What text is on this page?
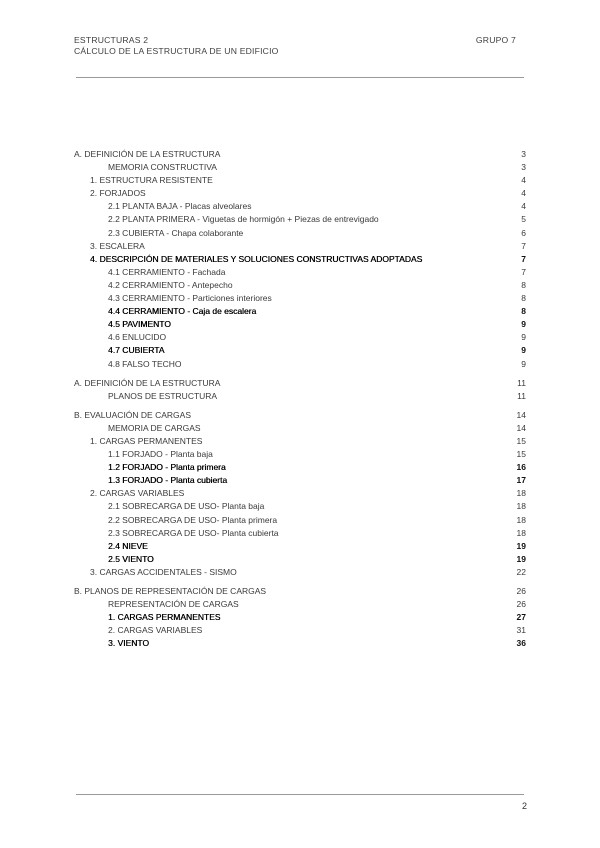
ESTRUCTURAS 2
CÁLCULO DE LA ESTRUCTURA DE UN EDIFICIO
GRUPO 7
A. DEFINICIÓN DE LA ESTRUCTURA	3
MEMORIA CONSTRUCTIVA	3
1. ESTRUCTURA RESISTENTE	4
2. FORJADOS	4
2.1 PLANTA BAJA - Placas alveolares	4
2.2 PLANTA PRIMERA - Viguetas de hormigón + Piezas de entrevigado	5
2.3 CUBIERTA - Chapa colaborante	6
3. ESCALERA	7
4. DESCRIPCIÓN DE MATERIALES Y SOLUCIONES CONSTRUCTIVAS ADOPTADAS	7
4.1 CERRAMIENTO - Fachada	7
4.2 CERRAMIENTO - Antepecho	8
4.3 CERRAMIENTO - Particiones interiores	8
4.4 CERRAMIENTO - Caja de escalera	8
4.5 PAVIMENTO	9
4.6 ENLUCIDO	9
4.7 CUBIERTA	9
4.8 FALSO TECHO	9
A. DEFINICIÓN DE LA ESTRUCTURA	11
PLANOS DE ESTRUCTURA	11
B. EVALUACIÓN DE CARGAS	14
MEMORIA DE CARGAS	14
1. CARGAS PERMANENTES	15
1.1 FORJADO - Planta baja	15
1.2 FORJADO - Planta primera	16
1.3 FORJADO - Planta cubierta	17
2. CARGAS VARIABLES	18
2.1 SOBRECARGA DE USO- Planta baja	18
2.2 SOBRECARGA DE USO- Planta primera	18
2.3 SOBRECARGA DE USO- Planta cubierta	18
2.4 NIEVE	19
2.5 VIENTO	19
3. CARGAS ACCIDENTALES - SISMO	22
B. PLANOS DE REPRESENTACIÓN DE CARGAS	26
REPRESENTACIÓN DE CARGAS	26
1. CARGAS PERMANENTES	27
2. CARGAS VARIABLES	31
3. VIENTO	36
2
